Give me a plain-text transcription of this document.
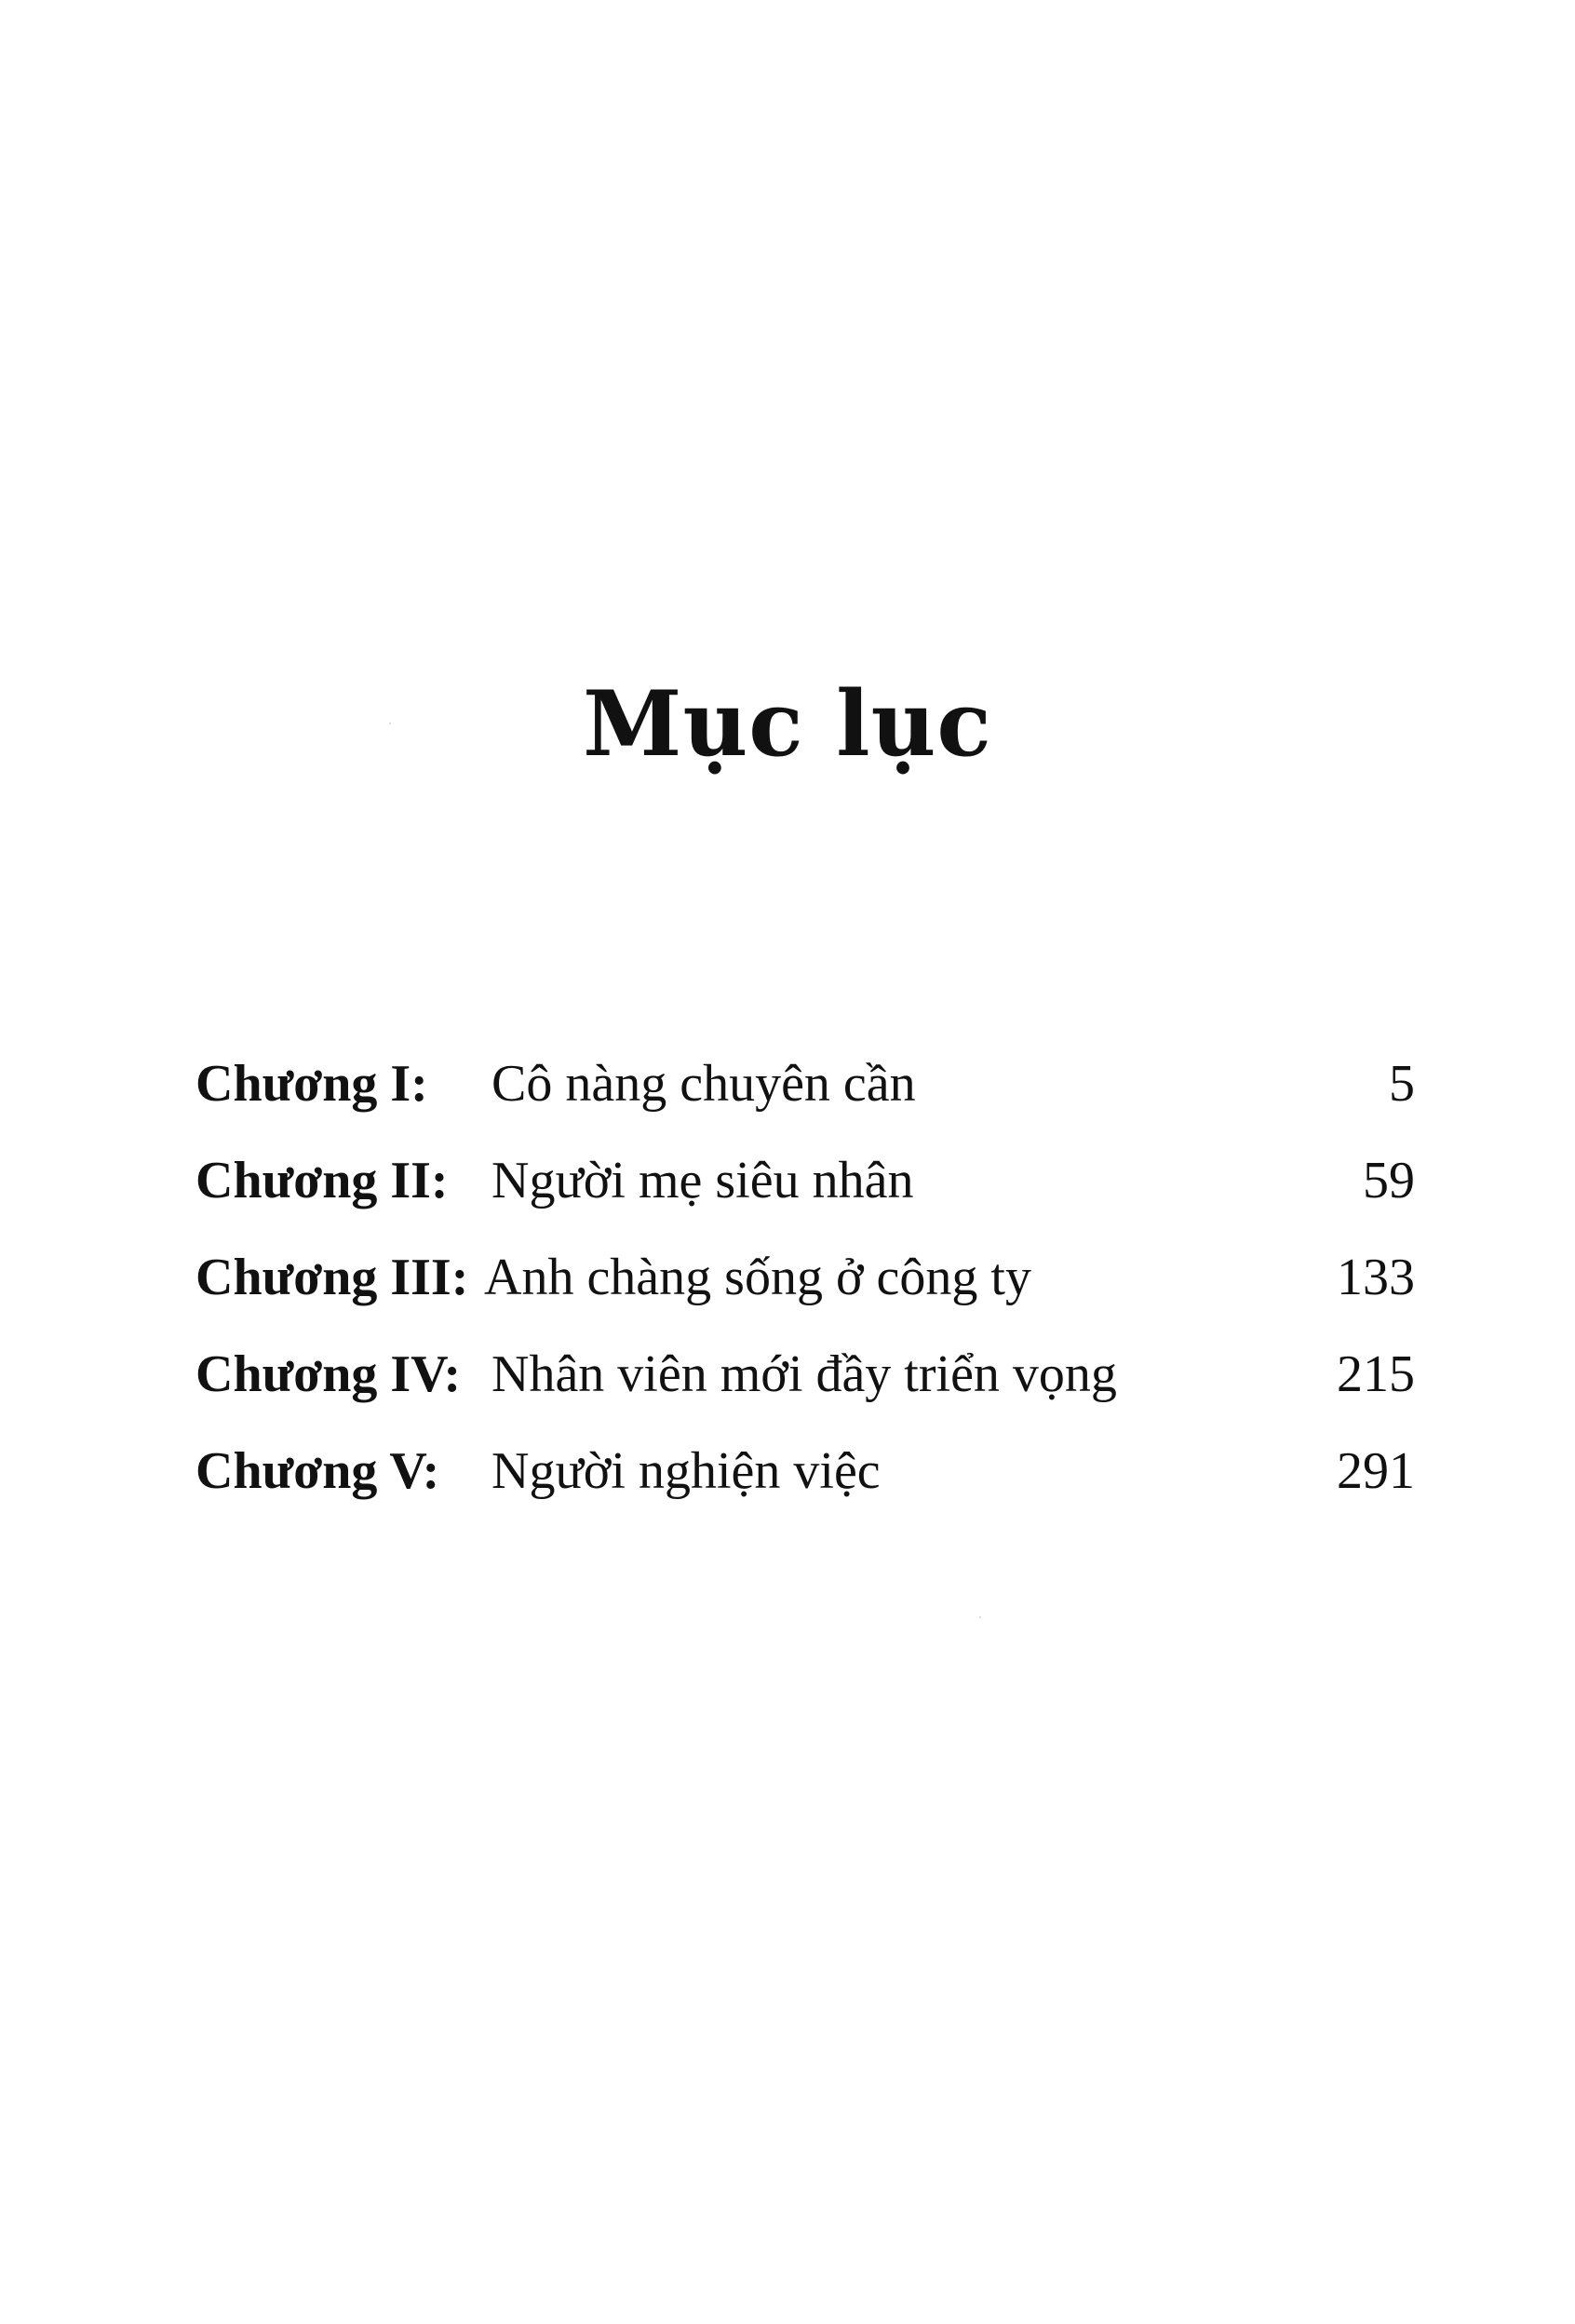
Mục lục
Chương I: Cô nàng chuyên cần	5
Chương II: Người mẹ siêu nhân	59
Chương III: Anh chàng sống ở công ty	133
Chương IV: Nhân viên mới đầy triển vọng	215
Chương V: Người nghiện việc	291
